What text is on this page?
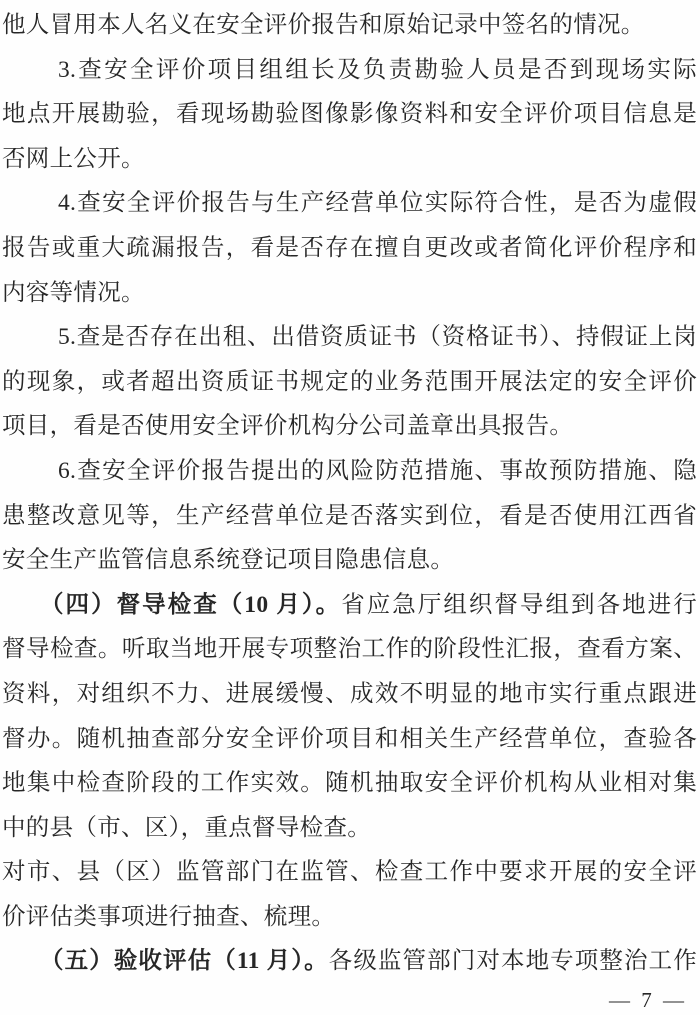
他人冒用本人名义在安全评价报告和原始记录中签名的情况。
3.查安全评价项目组组长及负责勘验人员是否到现场实际
地点开展勘验，看现场勘验图像影像资料和安全评价项目信息是
否网上公开。
4.查安全评价报告与生产经营单位实际符合性，是否为虚假
报告或重大疏漏报告，看是否存在擅自更改或者简化评价程序和
内容等情况。
5.查是否存在出租、出借资质证书（资格证书）、持假证上岗
的现象，或者超出资质证书规定的业务范围开展法定的安全评价
项目，看是否使用安全评价机构分公司盖章出具报告。
6.查安全评价报告提出的风险防范措施、事故预防措施、隐
患整改意见等，生产经营单位是否落实到位，看是否使用江西省
安全生产监管信息系统登记项目隐患信息。
（四）督导检查（10 月）。省应急厅组织督导组到各地进行
督导检查。听取当地开展专项整治工作的阶段性汇报，查看方案、
资料，对组织不力、进展缓慢、成效不明显的地市实行重点跟进
督办。随机抽查部分安全评价项目和相关生产经营单位，查验各
地集中检查阶段的工作实效。随机抽取安全评价机构从业相对集
中的县（市、区），重点督导检查。
对市、县（区）监管部门在监管、检查工作中要求开展的安全评
价评估类事项进行抽查、梳理。
（五）验收评估（11 月）。各级监管部门对本地专项整治工作
— 7 —
